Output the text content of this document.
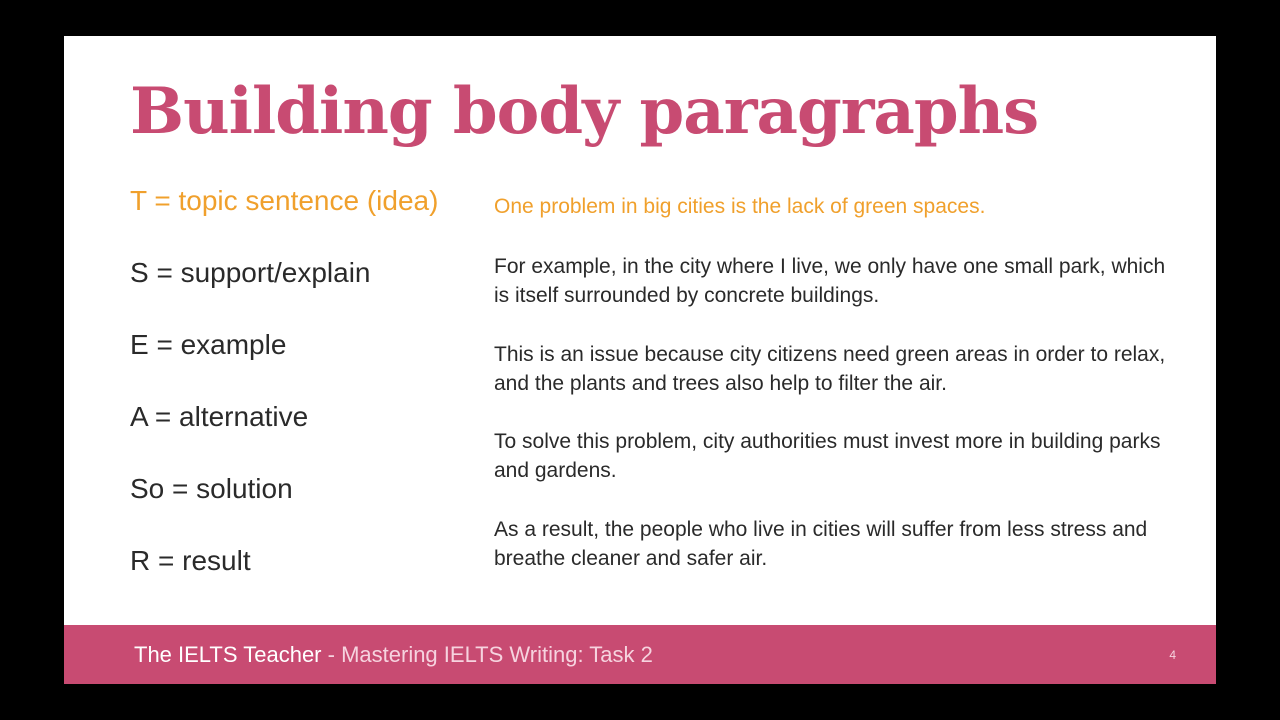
Building body paragraphs

T = topic sentence (idea)

S = support/explain

E = example

A = alternative

So = solution

R = result

One problem in big cities is the lack of green spaces.

For example, in the city where I live, we only have one small park, which is itself surrounded by concrete buildings.

This is an issue because city citizens need green areas in order to relax, and the plants and trees also help to filter the air.

To solve this problem, city authorities must invest more in building parks and gardens.

As a result, the people who live in cities will suffer from less stress and breathe cleaner and safer air.

The IELTS Teacher - Mastering IELTS Writing: Task 2	4
